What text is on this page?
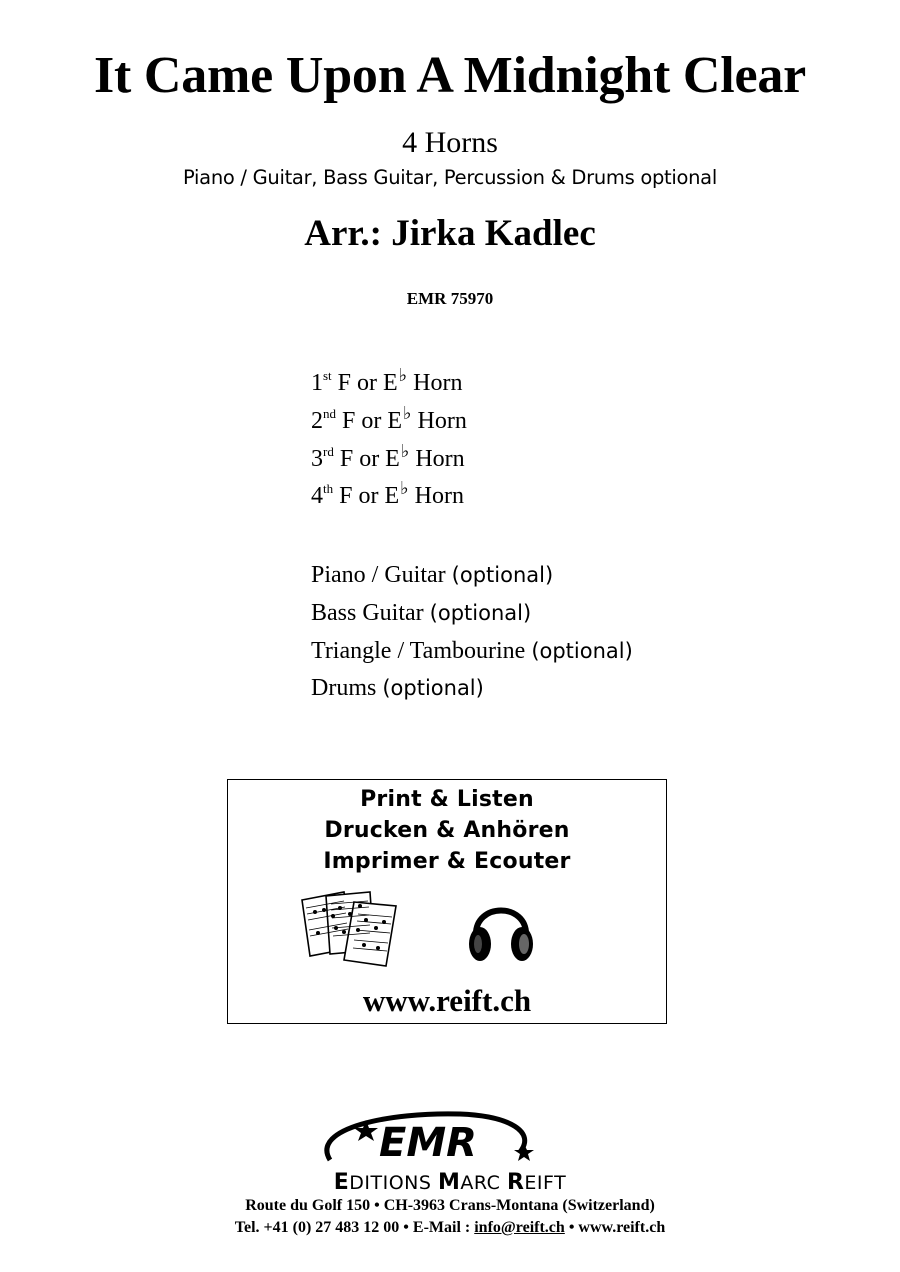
It Came Upon A Midnight Clear
4 Horns
Piano / Guitar, Bass Guitar, Percussion & Drums optional
Arr.: Jirka Kadlec
EMR 75970
1st F or E♭ Horn
2nd F or E♭ Horn
3rd F or E♭ Horn
4th F or E♭ Horn
Piano / Guitar (optional)
Bass Guitar (optional)
Triangle / Tambourine (optional)
Drums (optional)
Print & Listen
Drucken & Anhören
Imprimer & Ecouter
www.reift.ch
EMR
EDITIONS MARC REIFT
Route du Golf 150 • CH-3963 Crans-Montana (Switzerland)
Tel. +41 (0) 27 483 12 00 • E-Mail : info@reift.ch • www.reift.ch
